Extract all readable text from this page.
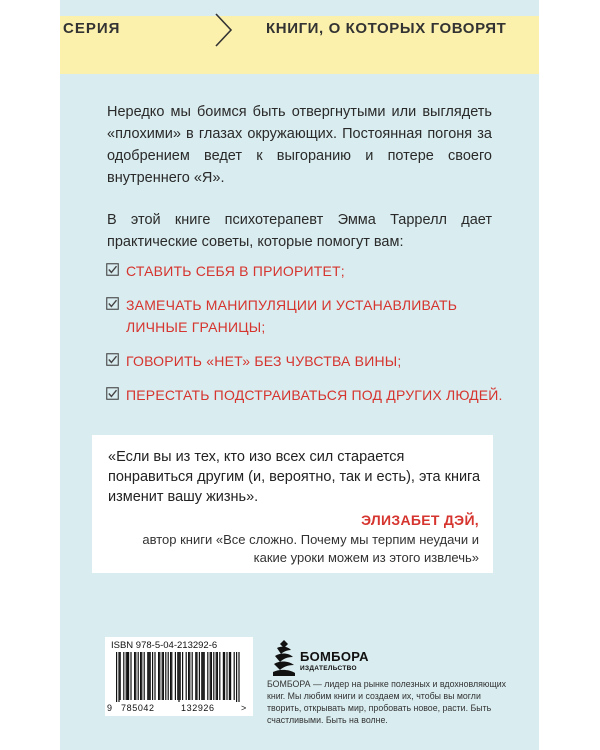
СЕРИЯ	КНИГИ, О КОТОРЫХ ГОВОРЯТ
Нередко мы боимся быть отвергнутыми или выглядеть «плохими» в глазах окружающих. Постоянная погоня за одобрением ведет к выгоранию и потере своего внутреннего «Я».
В этой книге психотерапевт Эмма Таррелл дает практические советы, которые помогут вам:
СТАВИТЬ СЕБЯ В ПРИОРИТЕТ;
ЗАМЕЧАТЬ МАНИПУЛЯЦИИ И УСТАНАВЛИВАТЬ ЛИЧНЫЕ ГРАНИЦЫ;
ГОВОРИТЬ «НЕТ» БЕЗ ЧУВСТВА ВИНЫ;
ПЕРЕСТАТЬ ПОДСТРАИВАТЬСЯ ПОД ДРУГИХ ЛЮДЕЙ.
«Если вы из тех, кто изо всех сил старается понравиться другим (и, вероятно, так и есть), эта книга изменит вашу жизнь».
ЭЛИЗАБЕТ ДЭЙ,
автор книги «Все сложно. Почему мы терпим неудачи и какие уроки можем из этого извлечь»
ISBN 978-5-04-213292-6
9 785042	132926	>
БОМБОРА
ИЗДАТЕЛЬСТВО
БОМБОРА — лидер на рынке полезных и вдохновляющих книг. Мы любим книги и создаем их, чтобы вы могли творить, открывать мир, пробовать новое, расти. Быть счастливыми. Быть на волне.
